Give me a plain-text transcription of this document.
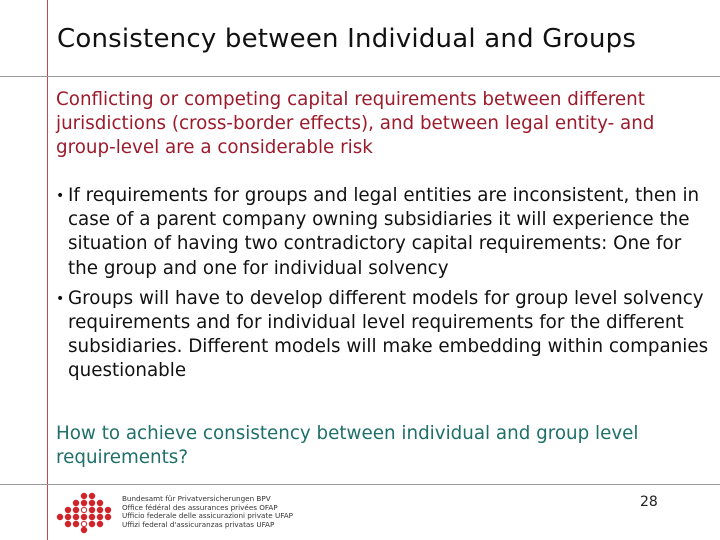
Consistency between Individual and Groups
Conflicting or competing capital requirements between different jurisdictions (cross-border effects), and between legal entity- and group-level are a considerable risk
• If requirements for groups and legal entities are inconsistent, then in case of a parent company owning subsidiaries it will experience the situation of having two contradictory capital requirements: One for the group and one for individual solvency
• Groups will have to develop different models for group level solvency requirements and for individual level requirements for the different subsidiaries. Different models will make embedding within companies questionable
How to achieve consistency between individual and group level requirements?
Bundesamt für Privatversicherungen BPV
Office fédéral des assurances privées OFAP
Ufficio federale delle assicurazioni private UFAP
Uffizi federal d'assicuranzas privatas UFAP
28
